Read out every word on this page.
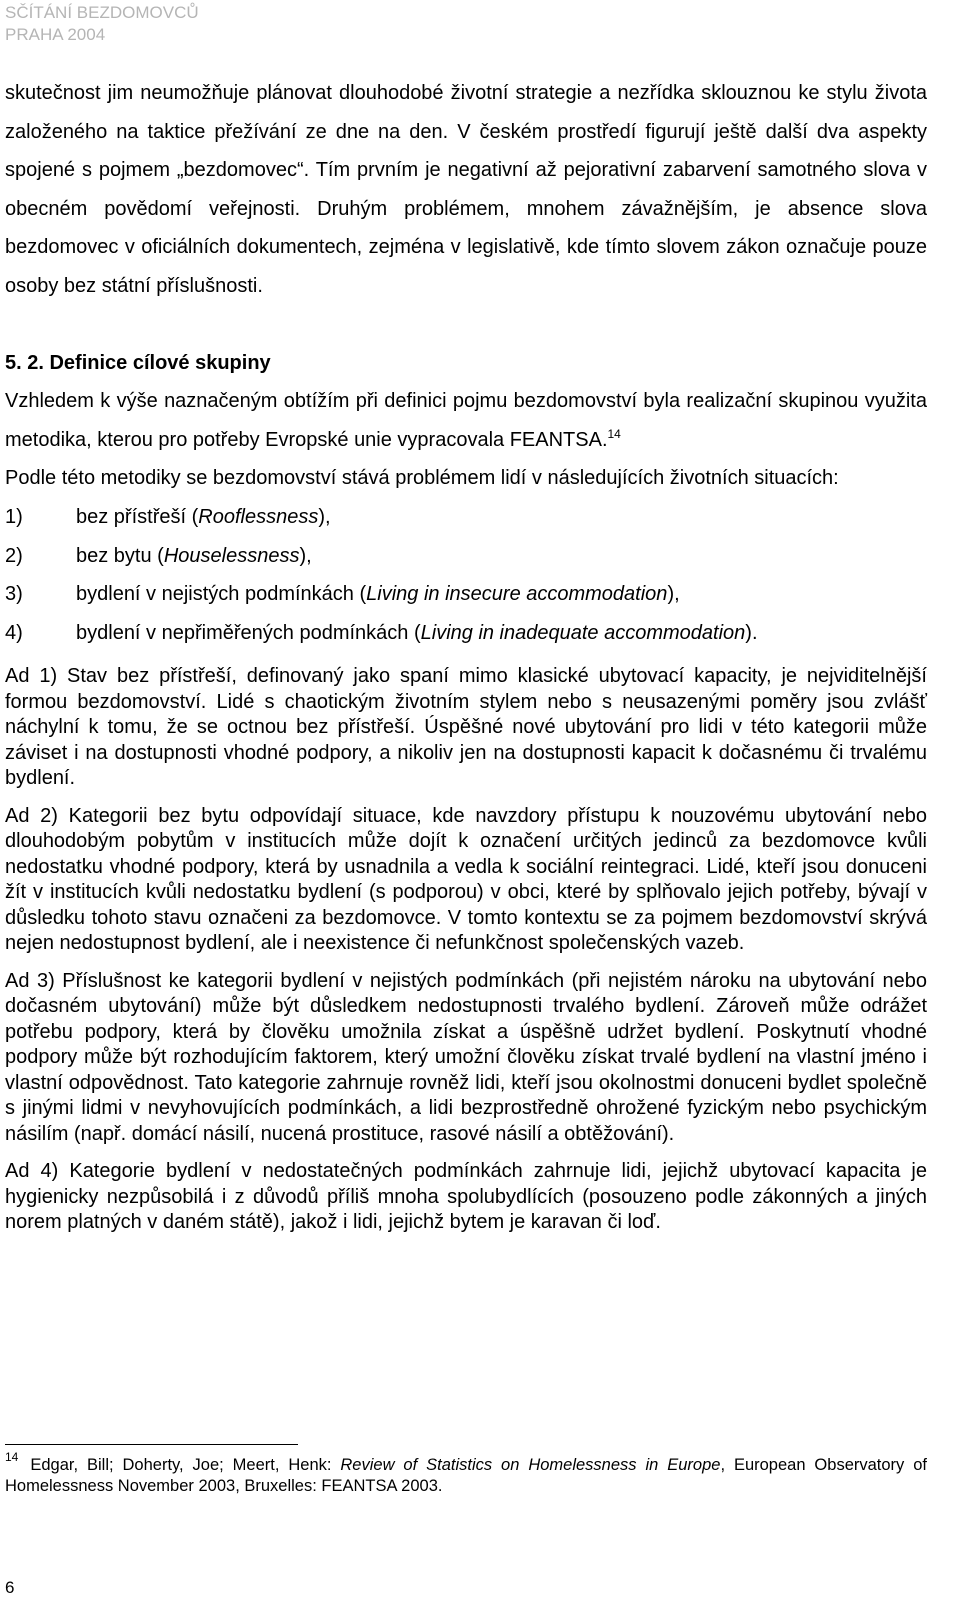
SČÍTÁNÍ BEZDOMOVCŮ
PRAHA 2004

skutečnost jim neumožňuje plánovat dlouhodobé životní strategie a nezřídka sklouznou ke stylu života založeného na taktice přežívání ze dne na den. V českém prostředí figurují ještě další dva aspekty spojené s pojmem „bezdomovec“. Tím prvním je negativní až pejorativní zabarvení samotného slova v obecném povědomí veřejnosti. Druhým problémem, mnohem závažnějším, je absence slova bezdomovec v oficiálních dokumentech, zejména v legislativě, kde tímto slovem zákon označuje pouze osoby bez státní příslušnosti.

5. 2. Definice cílové skupiny

Vzhledem k výše naznačeným obtížím při definici pojmu bezdomovství byla realizační skupinou využita metodika, kterou pro potřeby Evropské unie vypracovala FEANTSA.$^{14}$

Podle této metodiky se bezdomovství stává problémem lidí v následujících životních situacích:

1)	bez přístřeší (Rooflessness),
2)	bez bytu (Houselessness),
3)	bydlení v nejistých podmínkách (Living in insecure accommodation),
4)	bydlení v nepřiměřených podmínkách (Living in inadequate accommodation).

Ad 1) Stav bez přístřeší, definovaný jako spaní mimo klasické ubytovací kapacity, je nejviditelnější formou bezdomovství. Lidé s chaotickým životním stylem nebo s neusazenými poměry jsou zvlášť náchylní k tomu, že se octnou bez přístřeší. Úspěšné nové ubytování pro lidi v této kategorii může záviset i na dostupnosti vhodné podpory, a nikoliv jen na dostupnosti kapacit k dočasnému či trvalému bydlení.

Ad 2) Kategorii bez bytu odpovídají situace, kde navzdory přístupu k nouzovému ubytování nebo dlouhodobým pobytům v institucích může dojít k označení určitých jedinců za bezdomovce kvůli nedostatku vhodné podpory, která by usnadnila a vedla k sociální reintegraci. Lidé, kteří jsou donuceni žít v institucích kvůli nedostatku bydlení (s podporou) v obci, které by splňovalo jejich potřeby, bývají v důsledku tohoto stavu označeni za bezdomovce. V tomto kontextu se za pojmem bezdomovství skrývá nejen nedostupnost bydlení, ale i neexistence či nefunkčnost společenských vazeb.

Ad 3) Příslušnost ke kategorii bydlení v nejistých podmínkách (při nejistém nároku na ubytování nebo dočasném ubytování) může být důsledkem nedostupnosti trvalého bydlení. Zároveň může odrážet potřebu podpory, která by člověku umožnila získat a úspěšně udržet bydlení. Poskytnutí vhodné podpory může být rozhodujícím faktorem, který umožní člověku získat trvalé bydlení na vlastní jméno i vlastní odpovědnost. Tato kategorie zahrnuje rovněž lidi, kteří jsou okolnostmi donuceni bydlet společně s jinými lidmi v nevyhovujících podmínkách, a lidi bezprostředně ohrožené fyzickým nebo psychickým násilím (např. domácí násilí, nucená prostituce, rasové násilí a obtěžování).

Ad 4) Kategorie bydlení v nedostatečných podmínkách zahrnuje lidi, jejichž ubytovací kapacita je hygienicky nezpůsobilá i z důvodů příliš mnoha spolubydlících (posouzeno podle zákonných a jiných norem platných v daném státě), jakož i lidi, jejichž bytem je karavan či loď.

$^{14}$ Edgar, Bill; Doherty, Joe; Meert, Henk: Review of Statistics on Homelessness in Europe, European Observatory of Homelessness November 2003, Bruxelles: FEANTSA 2003.
6
